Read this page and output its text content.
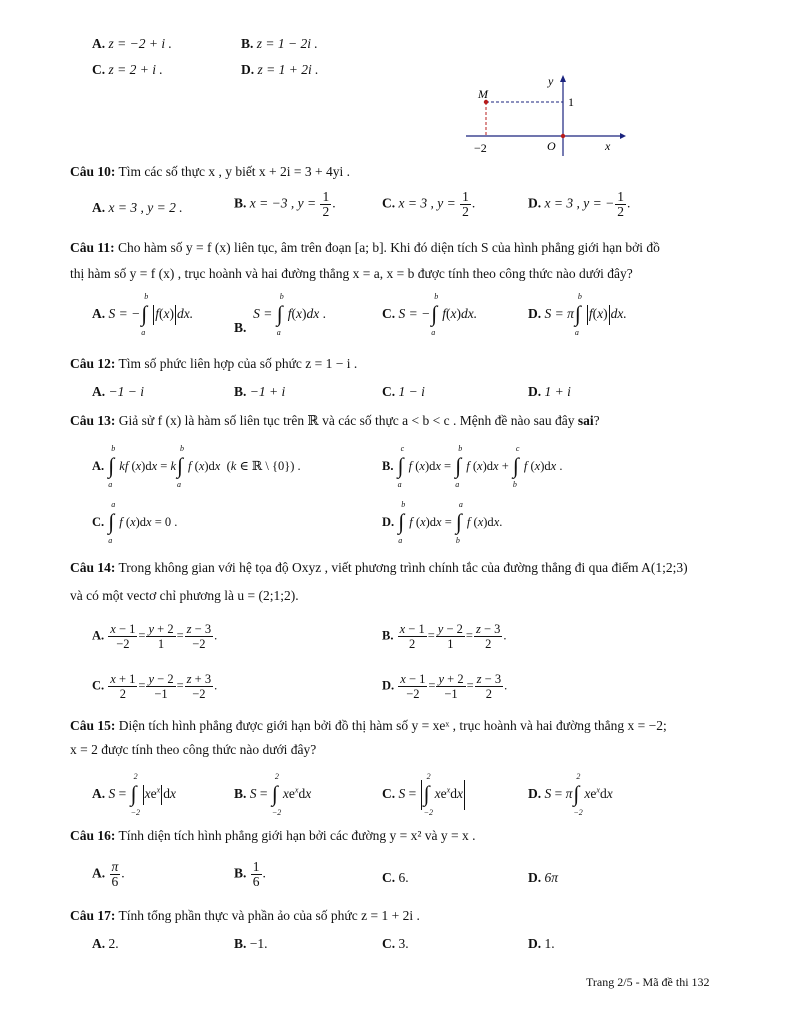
A. z = −2 + i .	B. z = 1 − 2i .
C. z = 2 + i .	D. z = 1 + 2i .
M
y
x
O
−2
1
Câu 10: Tìm các số thực x , y biết x + 2i = 3 + 4yi .
A. x = 3 , y = 2 .	B. x = −3 , $y = \frac{1}{2}$ .	C. x = 3 , $y = \frac{1}{2}$ .	D. x = 3 , y = − $\frac{1}{2}$ .
Câu 11: Cho hàm số y = f (x) liên tục, âm trên đoạn [a; b]. Khi đó diện tích S của hình phẳng giới hạn bởi đồ
thị hàm số y = f (x) , trục hoành và hai đường thẳng x = a, x = b được tính theo công thức nào dưới đây?
A. S = − ∫
b
a
f(x) dx.
B.  S = ∫
b
a
f(x)dx .	C. S = − ∫
b
a
f(x)dx.	D. S = π ∫
b
a
f(x) dx.
Câu 12: Tìm số phức liên hợp của số phức z = 1 − i .
A. −1 − i	B. −1 + i	C. 1 − i	D. 1 + i
Câu 13: Giả sử f (x) là hàm số liên tục trên ℝ và các số thực a < b < c . Mệnh đề nào sau đây sai?
A. ∫
b
a
kf (x)dx = k ∫
b
a
f (x)dx  (k ∈ ℝ \ {0}) .	B. ∫
c
a
f (x)dx = ∫
b
a
f (x)dx + ∫
c
b
f (x)dx .
C. ∫
a
a
f (x)dx = 0 .	D. ∫
b
a
f (x)dx = ∫
a
b
f (x)dx.
Câu 14: Trong không gian với hệ tọa độ Oxyz , viết phương trình chính tắc của đường thẳng đi qua điểm A(1;2;3)
và có một vectơ chỉ phương là u = (2;1;2).
A. $\frac{x - 1}{-2} = \frac{y + 2}{1} = \frac{z - 3}{-2}$ .	B. $\frac{x - 1}{2} = \frac{y - 2}{1} = \frac{z - 3}{2}$ .
C. $\frac{x + 1}{2} = \frac{y - 2}{-1} = \frac{z + 3}{-2}$ .	D. $\frac{x - 1}{-2} = \frac{y + 2}{-1} = \frac{z - 3}{2}$ .
Câu 15: Diện tích hình phẳng được giới hạn bởi đồ thị hàm số y = xeˣ , trục hoành và hai đường thẳng x = −2;
x = 2 được tính theo công thức nào dưới đây?
A. S = ∫
2
−2
$xe^x$ dx	B. S = ∫
2
−2
$xe^xdx$	C. S = ∫
2
−2
$xe^xdx$	D. S = π ∫
2
−2
$xe^xdx$
Câu 16: Tính diện tích hình phẳng giới hạn bởi các đường y = x² và y = x .
A. $\frac{\pi}{6}$ .	B. $\frac{1}{6}$ .	C. 6.	D. 6π
Câu 17: Tính tổng phần thực và phần ảo của số phức z = 1 + 2i .
A. 2.	B. −1.	C. 3.	D. 1.
Trang 2/5 - Mã đề thi 132
